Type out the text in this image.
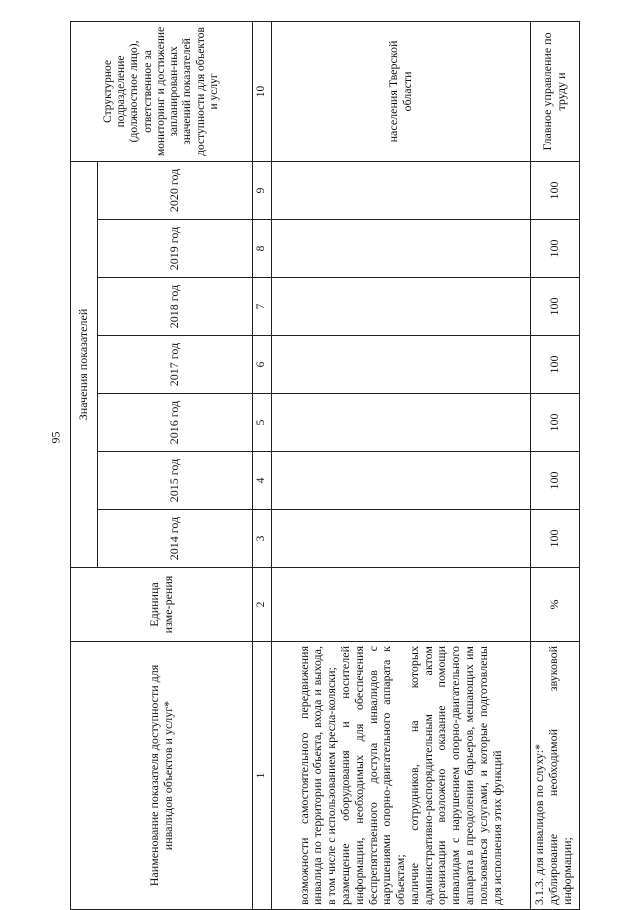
95
Наименование показателя доступности для инвалидов объектов и услуг*	Единица изме-рения	Значения показателей							Структурное подразделение (должностное лицо), ответственное за мониторинг и достижение запланирован-ных значений показателей доступности для объектов и услуг
		2014 год	2015 год	2016 год	2017 год	2018 год	2019 год	2020 год	
1	2	3	4	5	6	7	8	9	10

возможности самостоятельного передвижения инвалида по территории объекта, входа и выхода, в том числе с использованием кресла-коляски; размещение оборудования и носителей информации, необходимых для обеспечения беспрепятственного доступа инвалидов с нарушениями опорно-двигательного аппарата к объектам; наличие сотрудников, на которых административно-распорядительным актом организации возложено оказание помощи инвалидам с нарушением опорно-двигательного аппарата в преодолении барьеров, мешающих им пользоваться услугами, и которые подготовлены для исполнения этих функций									населения Тверской области

3.1.3. для инвалидов по слуху:* дублирование необходимой звуковой информации;	%	100	100	100	100	100	100	100	Главное управление по труду и
